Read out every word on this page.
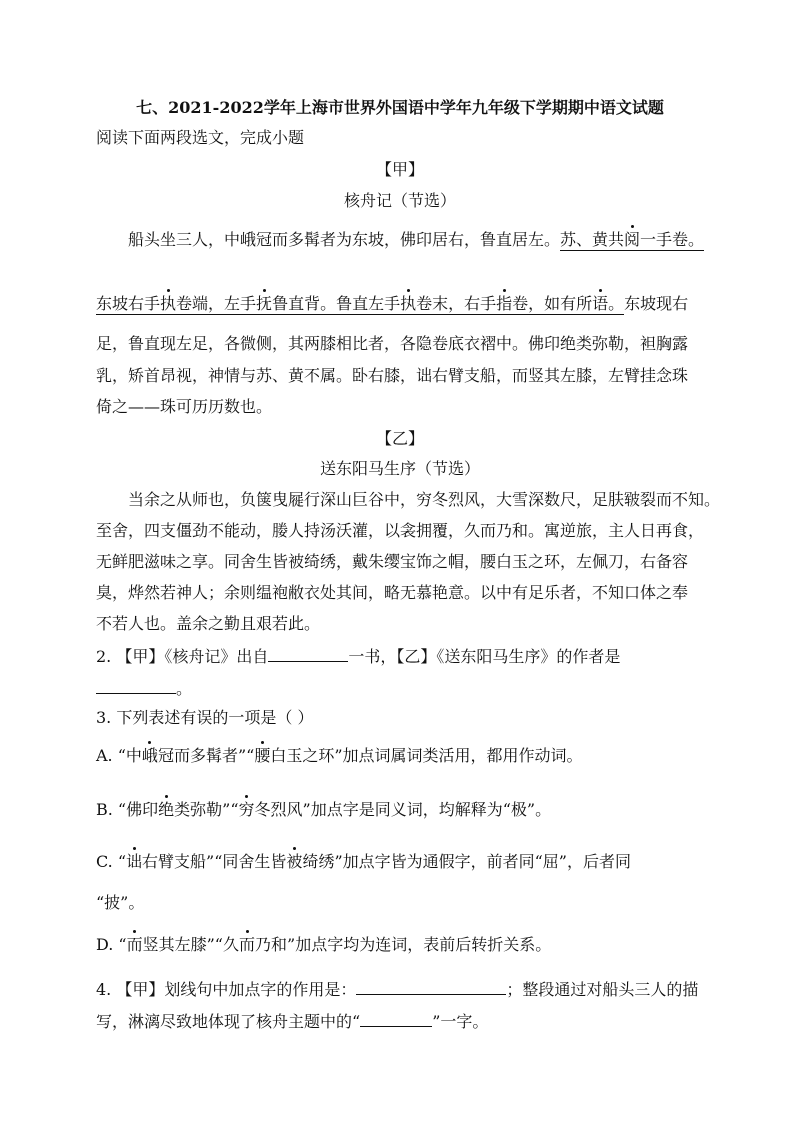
七、2021-2022学年上海市世界外国语中学年九年级下学期期中语文试题
阅读下面两段选文，完成小题
【甲】
核舟记（节选）
船头坐三人，中峨冠而多髯者为东坡，佛印居右，鲁直居左。苏、黄共阅一手卷。
东坡右手执卷端，左手抚鲁直背。鲁直左手执卷末，右手指卷，如有所语。东坡现右
足，鲁直现左足，各微侧，其两膝相比者，各隐卷底衣褶中。佛印绝类弥勒，袒胸露
乳，矫首昂视，神情与苏、黄不属。卧右膝，诎右臂支船，而竖其左膝，左臂挂念珠
倚之——珠可历历数也。
【乙】
送东阳马生序（节选）
当余之从师也，负箧曳屣行深山巨谷中，穷冬烈风，大雪深数尺，足肤皲裂而不知。
至舍，四支僵劲不能动，媵人持汤沃灌，以衾拥覆，久而乃和。寓逆旅，主人日再食，
无鲜肥滋味之享。同舍生皆被绮绣，戴朱缨宝饰之帽，腰白玉之环，左佩刀，右备容
臭，烨然若神人；余则缊袍敝衣处其间，略无慕艳意。以中有足乐者，不知口体之奉
不若人也。盖余之勤且艰若此。
2. 【甲】《核舟记》出自	一书，【乙】《送东阳马生序》的作者是
。
3. 下列表述有误的一项是（ ）
A. “中峨冠而多髯者”“腰白玉之环”加点词属词类活用，都用作动词。
B. “佛印绝类弥勒”“穷冬烈风”加点字是同义词，均解释为“极”。
C. “诎右臂支船”“同舍生皆被绮绣”加点字皆为通假字，前者同“屈”，后者同
“披”。
D. “而竖其左膝”“久而乃和”加点字均为连词，表前后转折关系。
4. 【甲】划线句中加点字的作用是：	；整段通过对船头三人的描
写，淋漓尽致地体现了核舟主题中的“	”一字。
